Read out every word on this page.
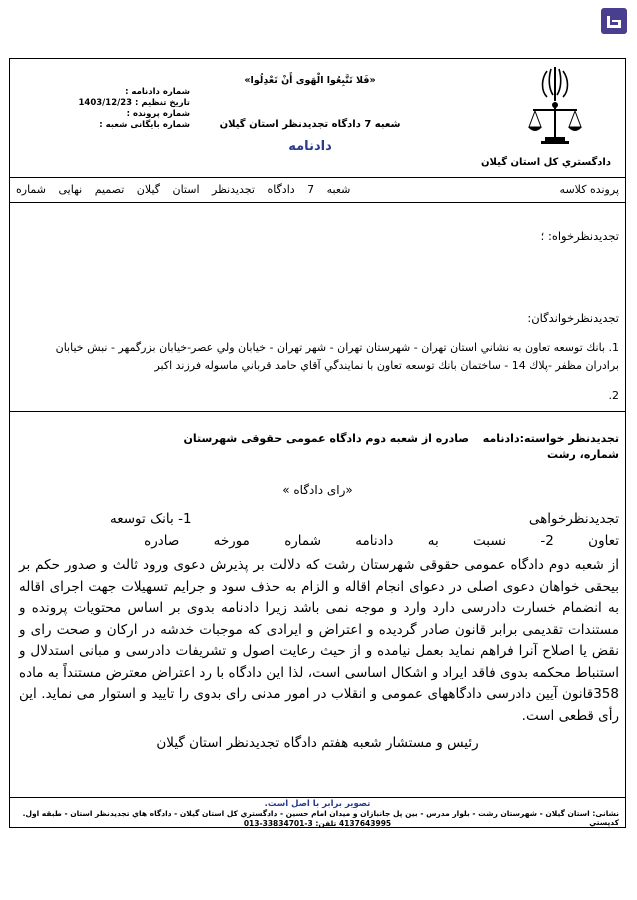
دادگستري كل استان گيلان
«فَلا تَتَّبِعُوا الْهَوى أَنْ تَعْدِلُوا»
شعبه 7 دادگاه تجدیدنظر استان گیلان
دادنامه
شماره دادنامه :
تاریخ تنظیم : 1403/12/23
شماره پرونده :
شماره بایگانی شعبه :
پرونده کلاسه
شعبه 7 دادگاه تجدیدنظر استان گیلان تصمیم نهایی شماره
تجدیدنظرخواه: ؛
تجدیدنظرخواندگان:
1. بانك توسعه تعاون به نشاني استان تهران - شهرستان تهران - شهر تهران - خيابان ولي عصر-خيابان بزرگمهر - نبش خيابان برادران مظفر -پلاك 14 - ساختمان بانك توسعه تعاون با نمايندگي آقاي حامد قرباني ماسوله فرزند اكبر
2.
تجدیدنظر خواسته:دادنامه شماره، رشت
صادره از شعبه دوم دادگاه عمومی حقوقی شهرستان
«رای دادگاه »
تجدیدنظرخواهی
1- بانک توسعه
تعاون 2- نسبت به دادنامه شماره مورخه صادره
از شعبه دوم دادگاه عمومی حقوقی شهرستان رشت که دلالت بر پذیرش دعوی ورود ثالث و صدور حکم بر بیحقی خواهان دعوی اصلی در دعوای انجام اقاله و الزام به حذف سود و جرایم تسهیلات جهت اجرای اقاله به انضمام خسارت دادرسی دارد وارد و موجه نمی باشد زیرا دادنامه بدوی بر اساس محتویات پرونده و مستندات تقدیمی برابر قانون صادر گردیده و اعتراض و ایرادی که موجبات خدشه در ارکان و صحت رای و نقض یا اصلاح آنرا فراهم نماید بعمل نیامده و از حیث رعایت اصول و تشریفات دادرسی و مبانی استدلال و استنباط محکمه بدوی فاقد ایراد و اشکال اساسی است، لذا این دادگاه با رد اعتراض معترض مستنداً به ماده 358قانون آیین دادرسی دادگاههای عمومی و انقلاب در امور مدنی رای بدوی را تایید و استوار می نماید. این رأی قطعی است.
رئیس و مستشار شعبه هفتم دادگاه تجدیدنظر استان گیلان
تصویر برابر با اصل است.
نشانی: استان گيلان - شهرستان رشت - بلوار مدرس - بين پل جانبازان و ميدان امام حسين - دادگستري كل استان گيلان - دادگاه هاي تجديدنظر استان - طبقه اول. كدپستي
4137643995 تلفن: 3-33834701-013
